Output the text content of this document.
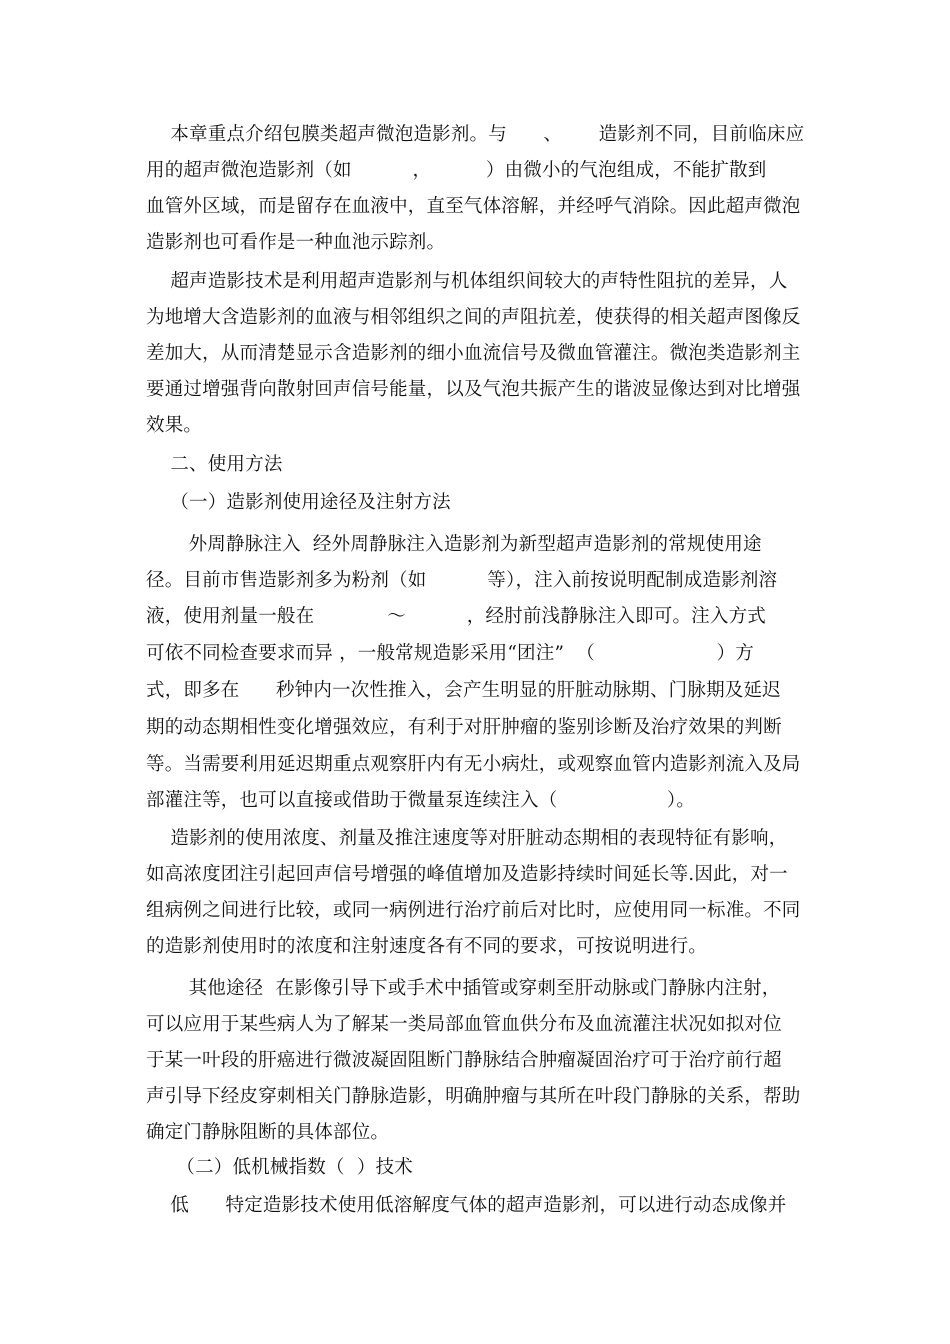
本章重点介绍包膜类超声微泡造影剂。与      、      造影剂不同，目前临床应
用的超声微泡造影剂（如          ，         ）由微小的气泡组成，不能扩散到
血管外区域，而是留存在血液中，直至气体溶解，并经呼气消除。因此超声微泡
造影剂也可看作是一种血池示踪剂。
超声造影技术是利用超声造影剂与机体组织间较大的声特性阻抗的差异，人
为地增大含造影剂的血液与相邻组织之间的声阻抗差，使获得的相关超声图像反
差加大，从而清楚显示含造影剂的细小血流信号及微血管灌注。微泡类造影剂主
要通过增强背向散射回声信号能量，以及气泡共振产生的谐波显像达到对比增强
效果。
二、使用方法
（一）造影剂使用途径及注射方法
外周静脉注入  经外周静脉注入造影剂为新型超声造影剂的常规使用途
径。目前市售造影剂多为粉剂（如          等），注入前按说明配制成造影剂溶
液，使用剂量一般在            ～          ，经肘前浅静脉注入即可。注入方式
可依不同检查要求而异 ，一般常规造影采用“团注”  （                    ）方
式，即多在      秒钟内一次性推入，会产生明显的肝脏动脉期、门脉期及延迟
期的动态期相性变化增强效应，有利于对肝肿瘤的鉴别诊断及治疗效果的判断
等。当需要利用延迟期重点观察肝内有无小病灶，或观察血管内造影剂流入及局
部灌注等，也可以直接或借助于微量泵连续注入（                  ）。
造影剂的使用浓度、剂量及推注速度等对肝脏动态期相的表现特征有影响，
如高浓度团注引起回声信号增强的峰值增加及造影持续时间延长等.因此，对一
组病例之间进行比较，或同一病例进行治疗前后对比时，应使用同一标准。不同
的造影剂使用时的浓度和注射速度各有不同的要求，可按说明进行。
其他途径  在影像引导下或手术中插管或穿刺至肝动脉或门静脉内注射，
可以应用于某些病人为了解某一类局部血管血供分布及血流灌注状况如拟对位
于某一叶段的肝癌进行微波凝固阻断门静脉结合肿瘤凝固治疗可于治疗前行超
声引导下经皮穿刺相关门静脉造影，明确肿瘤与其所在叶段门静脉的关系，帮助
确定门静脉阻断的具体部位。
（二）低机械指数（  ）技术
低      特定造影技术使用低溶解度气体的超声造影剂，可以进行动态成像并
